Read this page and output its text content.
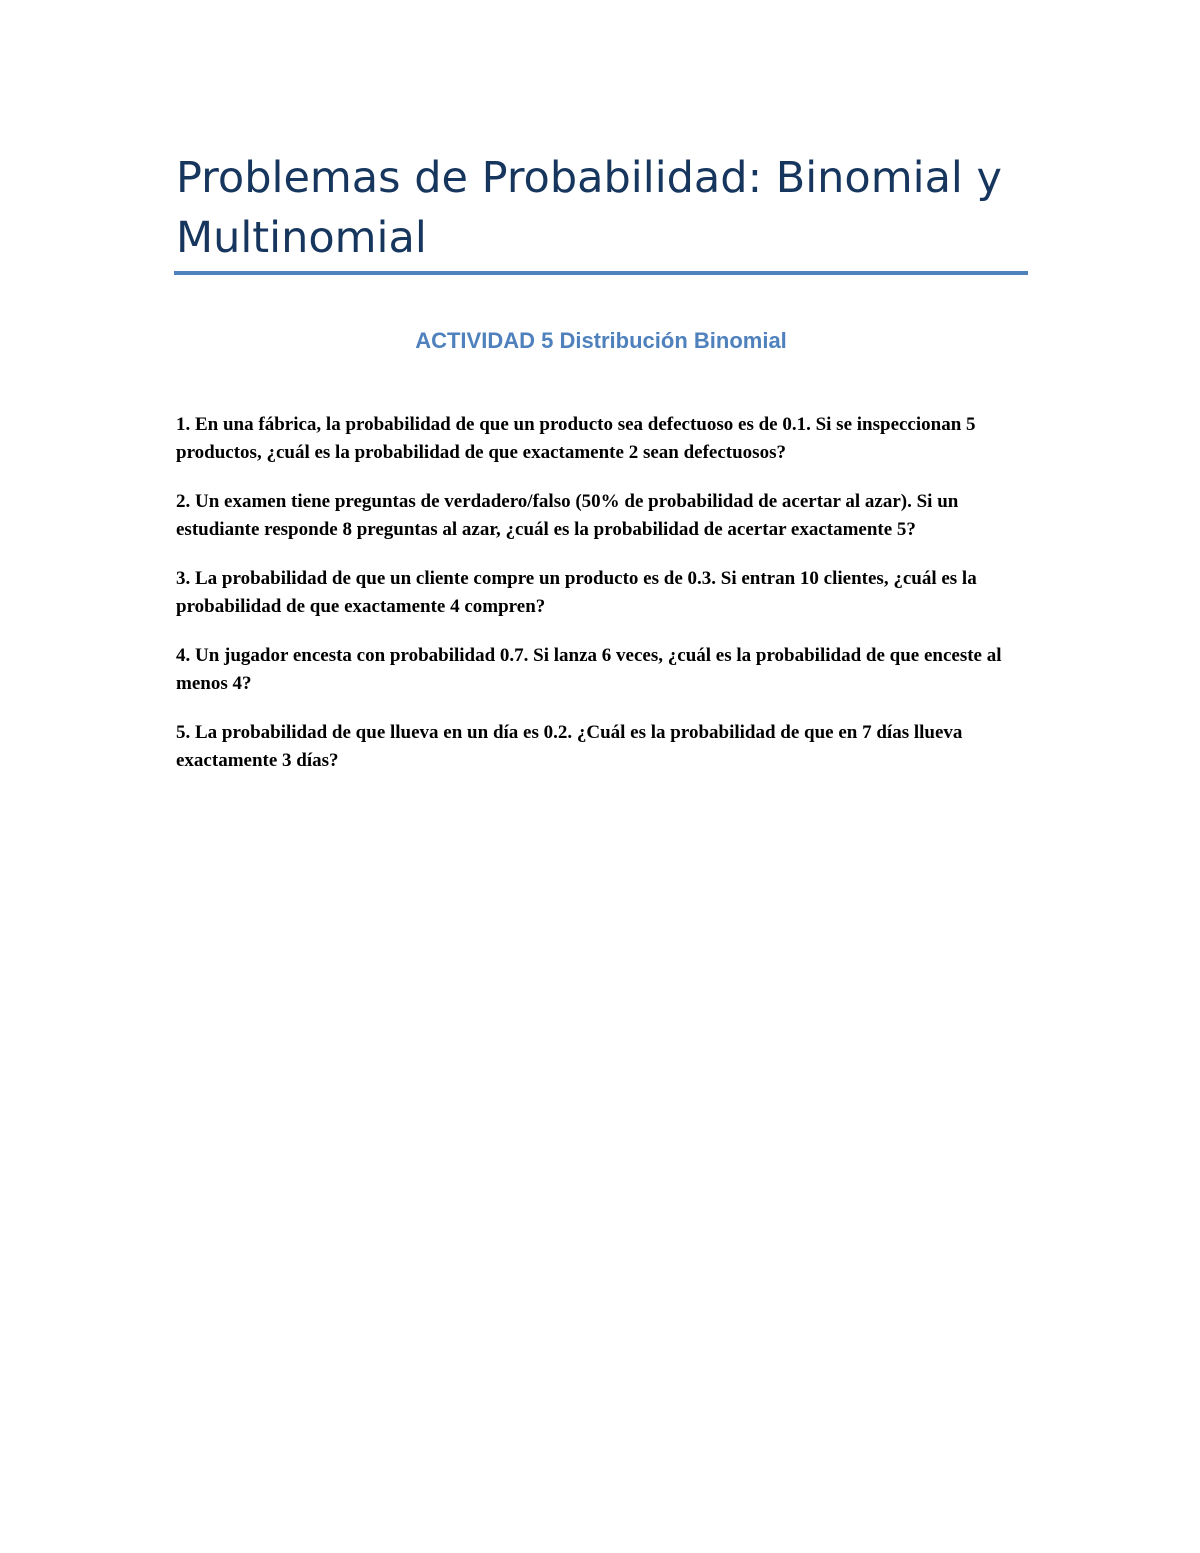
Problemas de Probabilidad: Binomial y Multinomial
ACTIVIDAD 5 Distribución Binomial
1. En una fábrica, la probabilidad de que un producto sea defectuoso es de 0.1. Si se inspeccionan 5 productos, ¿cuál es la probabilidad de que exactamente 2 sean defectuosos?
2. Un examen tiene preguntas de verdadero/falso (50% de probabilidad de acertar al azar). Si un estudiante responde 8 preguntas al azar, ¿cuál es la probabilidad de acertar exactamente 5?
3. La probabilidad de que un cliente compre un producto es de 0.3. Si entran 10 clientes, ¿cuál es la probabilidad de que exactamente 4 compren?
4. Un jugador encesta con probabilidad 0.7. Si lanza 6 veces, ¿cuál es la probabilidad de que enceste al menos 4?
5. La probabilidad de que llueva en un día es 0.2. ¿Cuál es la probabilidad de que en 7 días llueva exactamente 3 días?
